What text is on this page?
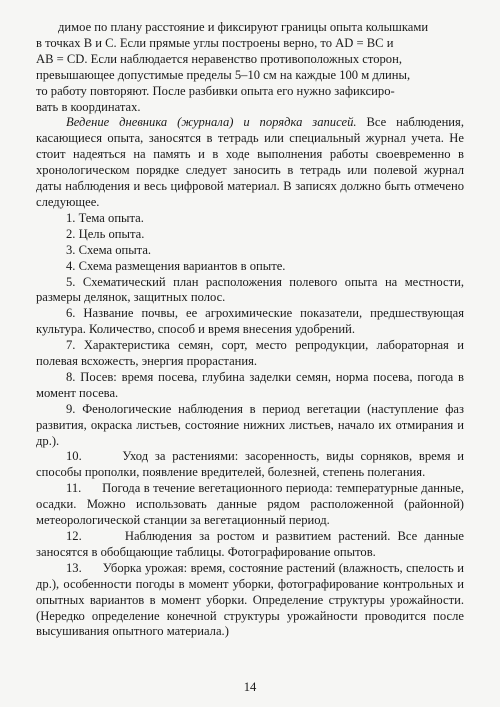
димое по плану расстояние и фиксируют границы опыта колышками

в точках B и C. Если прямые углы построены верно, то AD = BC и

AB = CD. Если наблюдается неравенство противоположных сторон,

превышающее допустимые пределы 5–10 см на каждые 100 м длины,

то работу повторяют. После разбивки опыта его нужно зафиксиро-

вать в координатах.

Ведение дневника (журнала) и порядка записей. Все наблюдения, касающиеся опыта, заносятся в тетрадь или специальный журнал учета. Не стоит надеяться на память и в ходе выполнения работы своевременно в хронологическом порядке следует заносить в тетрадь или полевой журнал даты наблюдения и весь цифровой материал. В записях должно быть отмечено следующее.

1. Тема опыта.

2. Цель опыта.

3. Схема опыта.

4. Схема размещения вариантов в опыте.

5. Схематический план расположения полевого опыта на местности, размеры делянок, защитных полос.

6. Название почвы, ее агрохимические показатели, предшествующая культура. Количество, способ и время внесения удобрений.

7. Характеристика семян, сорт, место репродукции, лабораторная и полевая всхожесть, энергия прорастания.

8. Посев: время посева, глубина заделки семян, норма посева, погода в момент посева.

9. Фенологические наблюдения в период вегетации (наступление фаз развития, окраска листьев, состояние нижних листьев, начало их отмирания и др.).

10.      Уход за растениями: засоренность, виды сорняков, время и способы прополки, появление вредителей, болезней, степень полегания.

11.      Погода в течение вегетационного периода: температурные данные, осадки. Можно использовать данные рядом расположенной (районной) метеорологической станции за вегетационный период.

12.      Наблюдения за ростом и развитием растений. Все данные заносятся в обобщающие таблицы. Фотографирование опытов.

13.      Уборка урожая: время, состояние растений (влажность, спелость и др.), особенности погоды в момент уборки, фотографирование контрольных и опытных вариантов в момент уборки. Определение структуры урожайности. (Нередко определение конечной структуры урожайности проводится после высушивания опытного материала.)

14
